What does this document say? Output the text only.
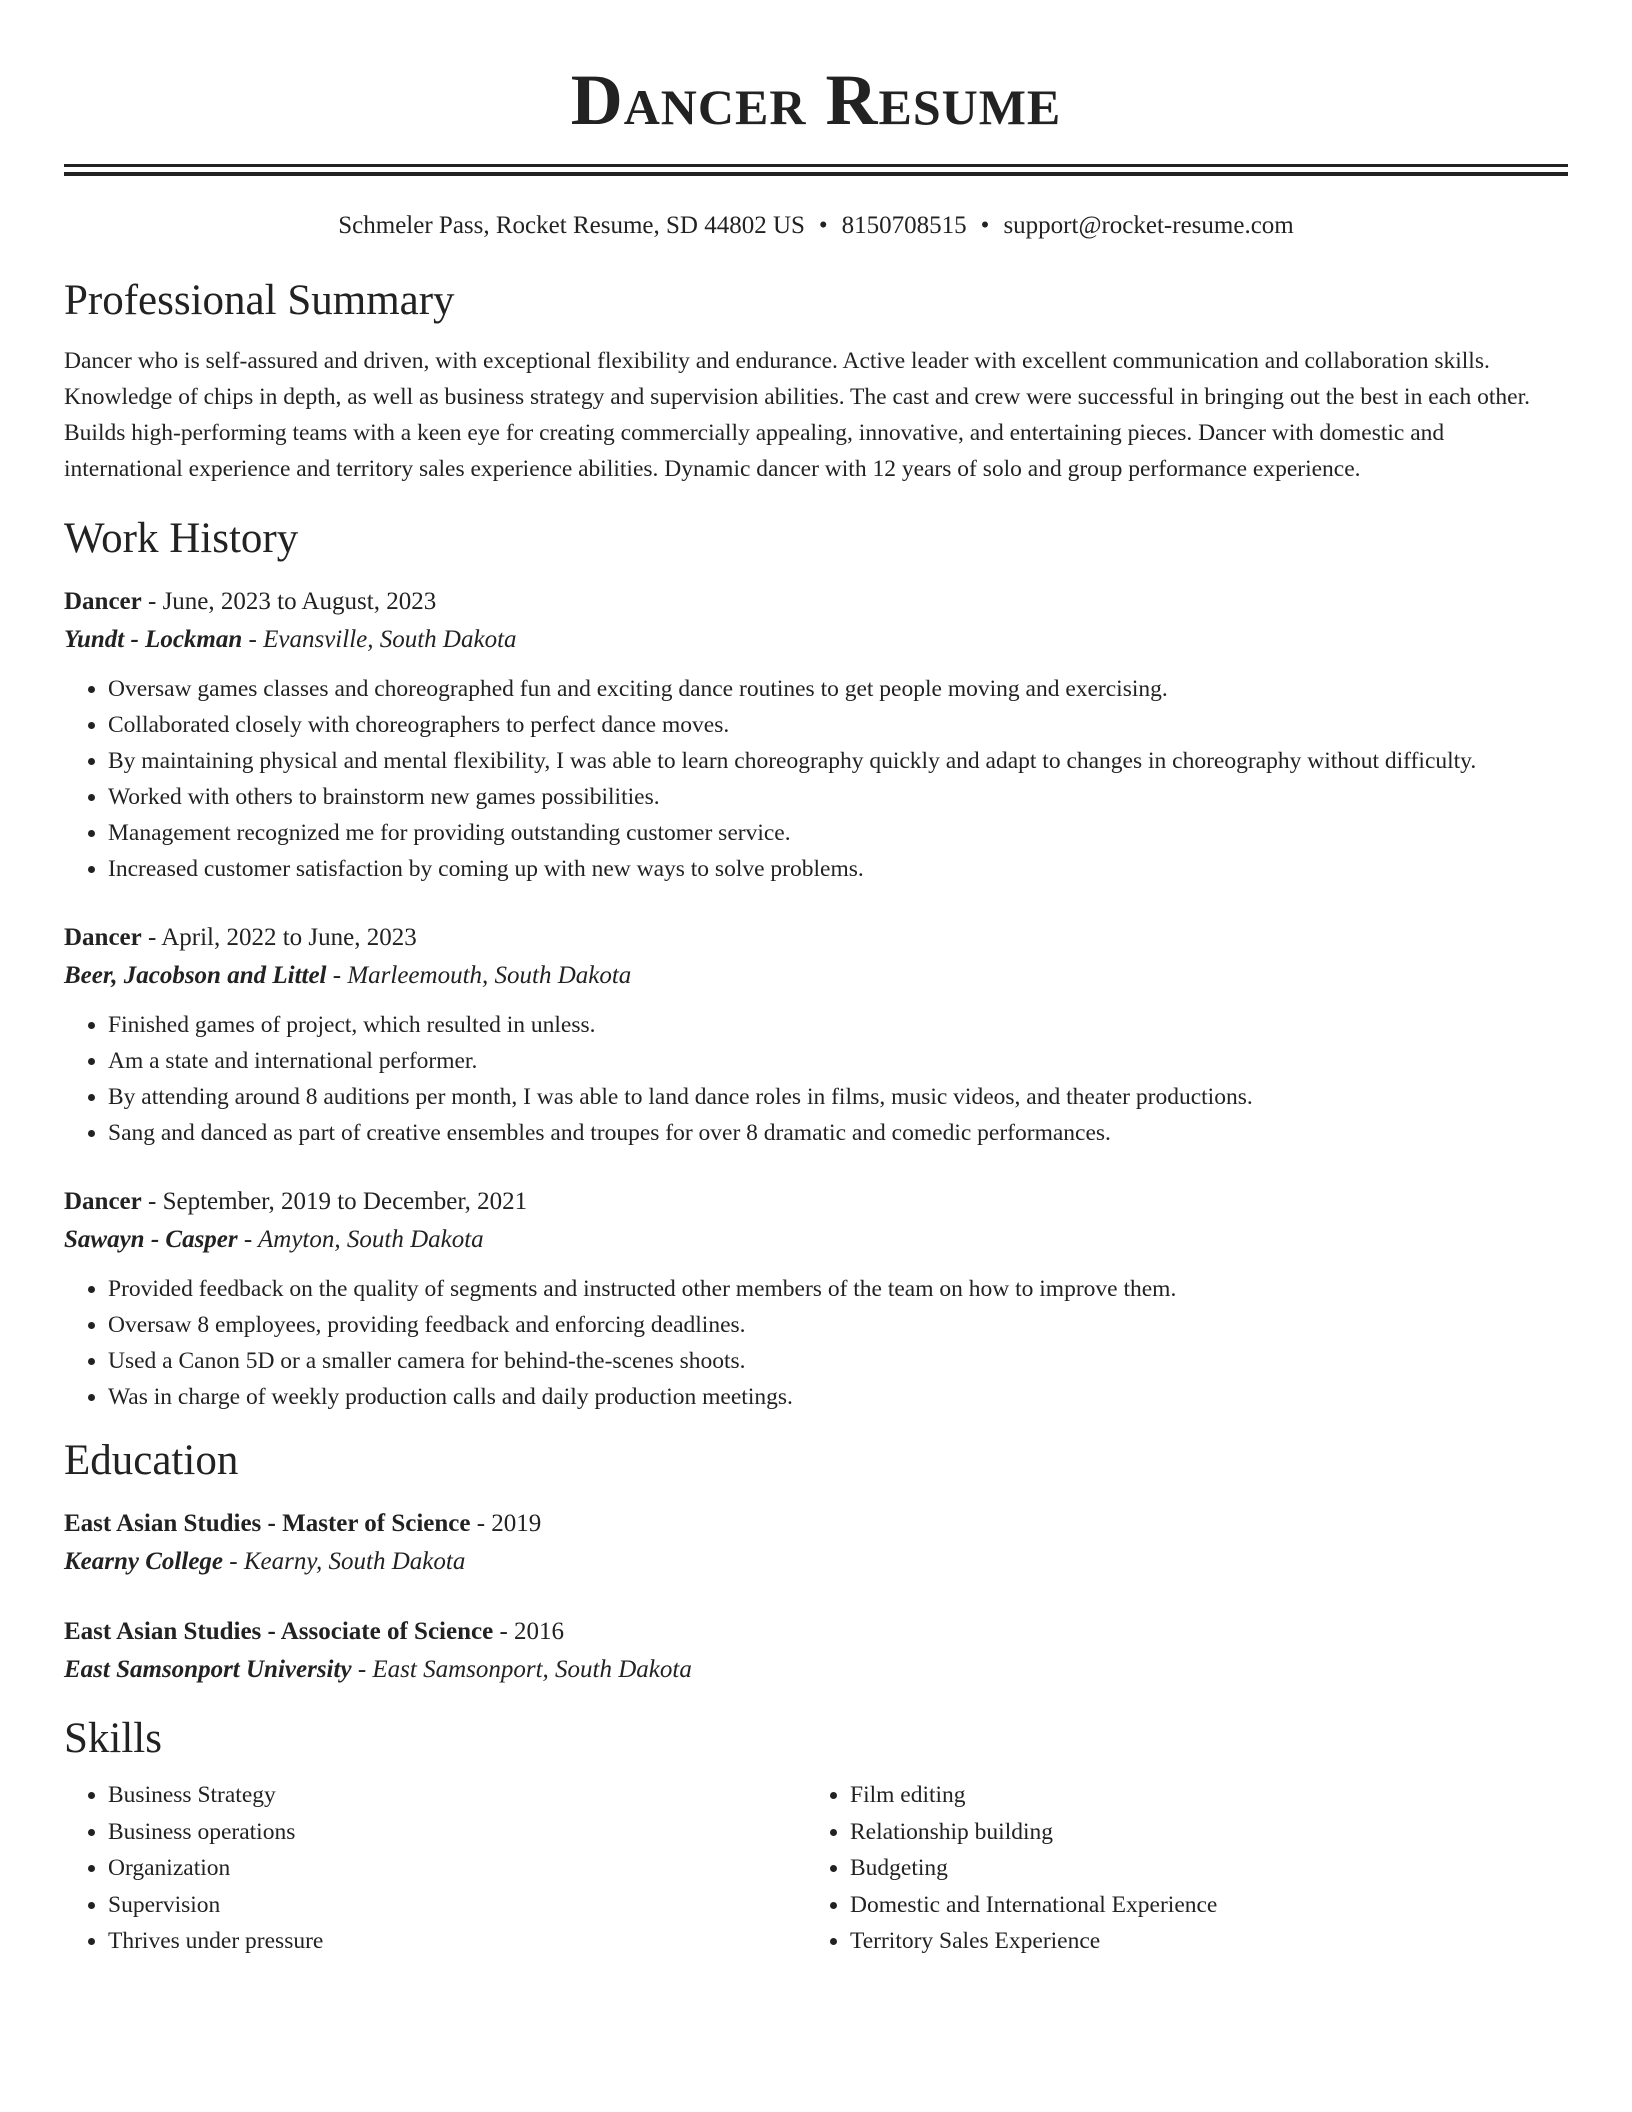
Dancer Resume
Schmeler Pass, Rocket Resume, SD 44802 US • 8150708515 • support@rocket-resume.com
Professional Summary

Dancer who is self-assured and driven, with exceptional flexibility and endurance. Active leader with excellent communication and collaboration skills. Knowledge of chips in depth, as well as business strategy and supervision abilities. The cast and crew were successful in bringing out the best in each other. Builds high-performing teams with a keen eye for creating commercially appealing, innovative, and entertaining pieces. Dancer with domestic and international experience and territory sales experience abilities. Dynamic dancer with 12 years of solo and group performance experience.

Work History
Dancer - June, 2023 to August, 2023
Yundt - Lockman - Evansville, South Dakota
• Oversaw games classes and choreographed fun and exciting dance routines to get people moving and exercising.
• Collaborated closely with choreographers to perfect dance moves.
• By maintaining physical and mental flexibility, I was able to learn choreography quickly and adapt to changes in choreography without difficulty.
• Worked with others to brainstorm new games possibilities.
• Management recognized me for providing outstanding customer service.
• Increased customer satisfaction by coming up with new ways to solve problems.
Dancer - April, 2022 to June, 2023
Beer, Jacobson and Littel - Marleemouth, South Dakota
• Finished games of project, which resulted in unless.
• Am a state and international performer.
• By attending around 8 auditions per month, I was able to land dance roles in films, music videos, and theater productions.
• Sang and danced as part of creative ensembles and troupes for over 8 dramatic and comedic performances.
Dancer - September, 2019 to December, 2021
Sawayn - Casper - Amyton, South Dakota
• Provided feedback on the quality of segments and instructed other members of the team on how to improve them.
• Oversaw 8 employees, providing feedback and enforcing deadlines.
• Used a Canon 5D or a smaller camera for behind-the-scenes shoots.
• Was in charge of weekly production calls and daily production meetings.
Education
East Asian Studies - Master of Science - 2019
Kearny College - Kearny, South Dakota
East Asian Studies - Associate of Science - 2016
East Samsonport University - East Samsonport, South Dakota
Skills
• Business Strategy
• Business operations
• Organization
• Supervision
• Thrives under pressure
• Film editing
• Relationship building
• Budgeting
• Domestic and International Experience
• Territory Sales Experience
